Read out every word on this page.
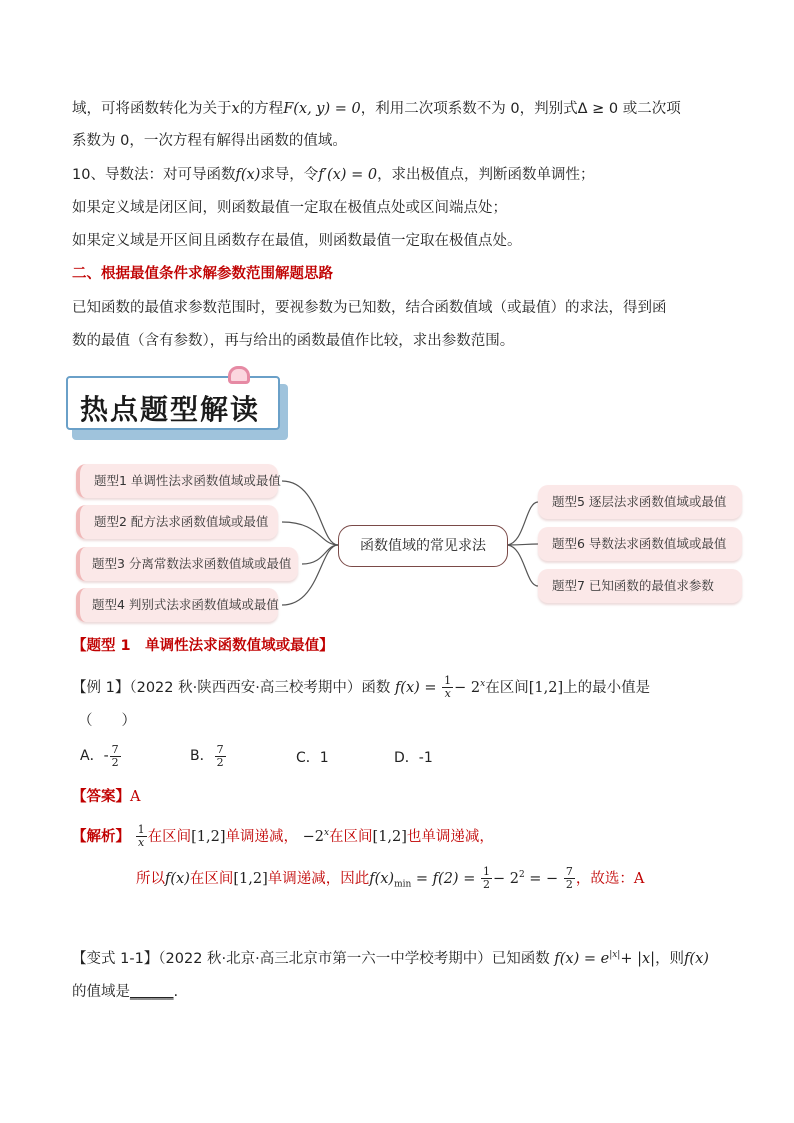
域，可将函数转化为关于x的方程F(x, y) = 0，利用二次项系数不为 0，判别式Δ ≥ 0 或二次项
系数为 0，一次方程有解得出函数的值域。
10、导数法：对可导函数f(x)求导，令f′(x) = 0，求出极值点，判断函数单调性；
如果定义域是闭区间，则函数最值一定取在极值点处或区间端点处；
如果定义域是开区间且函数存在最值，则函数最值一定取在极值点处。
二、根据最值条件求解参数范围解题思路
已知函数的最值求参数范围时，要视参数为已知数，结合函数值域（或最值）的求法，得到函
数的最值（含有参数），再与给出的函数最值作比较，求出参数范围。
热点题型解读
题型1 单调性法求函数值域或最值
题型2 配方法求函数值域或最值
题型3 分离常数法求函数值域或最值
题型4 判别式法求函数值域或最值
函数值域的常见求法
题型5 逐层法求函数值域或最值
题型6 导数法求函数值域或最值
题型7 已知函数的最值求参数
【题型 1　单调性法求函数值域或最值】
【例 1】（2022 秋·陕西西安·高三校考期中）函数 $f(x) = \frac{1}{x} - 2^x$在区间[1,2]上的最小值是
（　　）
A．- $\frac{7}{2}$	B． $\frac{7}{2}$	C．1	D．-1
【答案】A
【解析】 $\frac{1}{x}$ 在区间[1,2]单调递减， $-2^x$在区间[1,2]也单调递减，
所以f(x)在区间[1,2]单调递减，因此$f(x)_{min} = f(2) = \frac{1}{2} - 2^2$ = − $\frac{7}{2}$ ，故选：A
【变式 1-1】（2022 秋·北京·高三北京市第一六一中学校考期中）已知函数 $f(x) = e^{|x|}+ |x|$，则f(x)
的值域是______.
